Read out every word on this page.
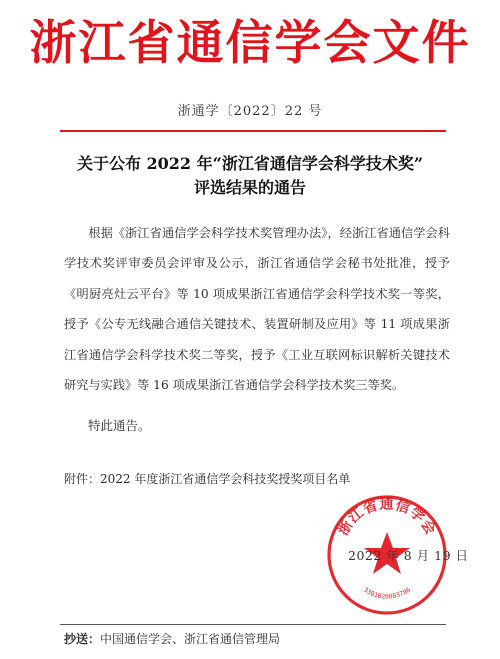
浙江省通信学会文件
浙通学〔2022〕22 号
关于公布 2022 年“浙江省通信学会科学技术奖”
评选结果的通告
根据《浙江省通信学会科学技术奖管理办法》，经浙江省通信学会科学技术奖评审委员会评审及公示，浙江省通信学会秘书处批准，授予《明厨亮灶云平台》等 10 项成果浙江省通信学会科学技术奖一等奖，授予《公专无线融合通信关键技术、装置研制及应用》等 11 项成果浙江省通信学会科学技术奖二等奖，授予《工业互联网标识解析关键技术研究与实践》等 16 项成果浙江省通信学会科学技术奖三等奖。
特此通告。
附件：2022 年度浙江省通信学会科技奖授奖项目名单
浙江省通信学会
3301020003786
2022 年 8 月 19 日
抄送：中国通信学会、浙江省通信管理局
